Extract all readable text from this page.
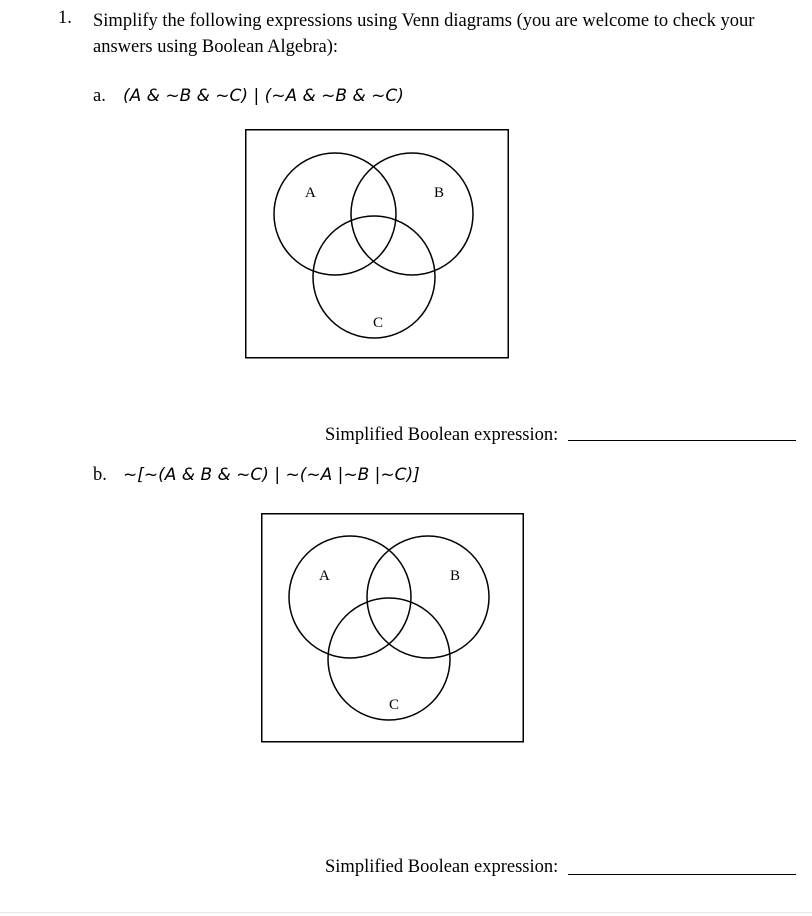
1. Simplify the following expressions using Venn diagrams (you are welcome to check your
answers using Boolean Algebra):
a. (A & ~B & ~C) | (~A & ~B & ~C)
A	B
C
Simplified Boolean expression:
b. ~[~(A & B & ~C) | ~(~A |~B |~C)]
A	B
C
Simplified Boolean expression:
